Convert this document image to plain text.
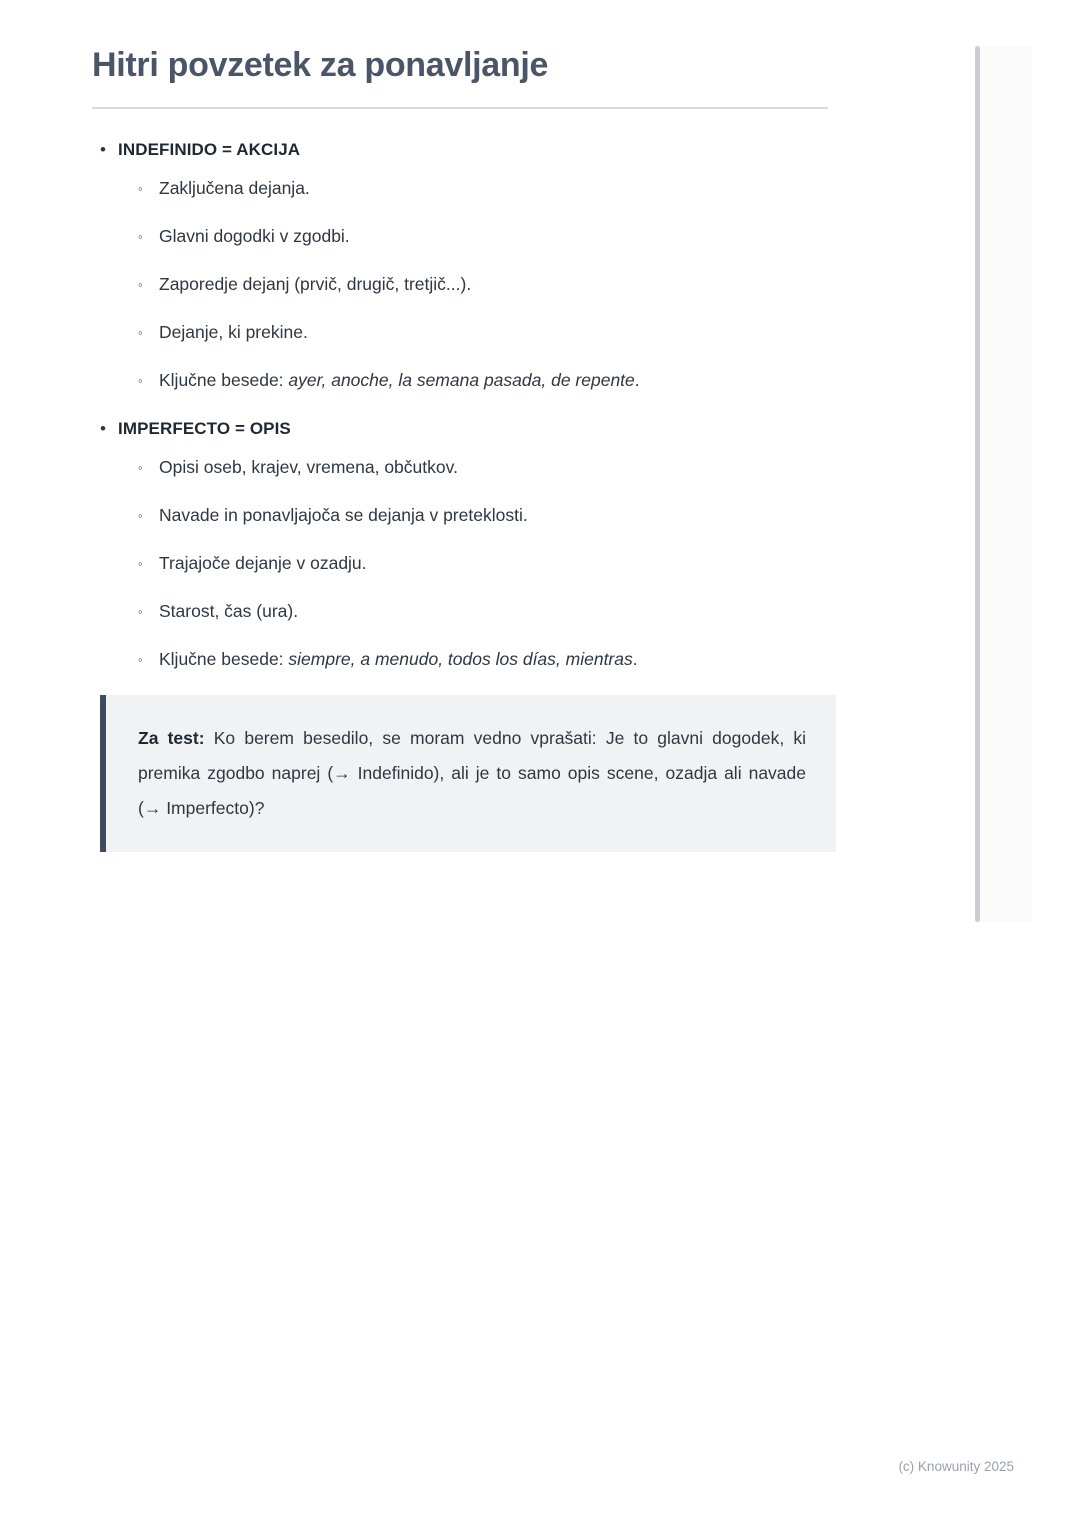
Hitri povzetek za ponavljanje
• INDEFINIDO = AKCIJA
◦ Zaključena dejanja.
◦ Glavni dogodki v zgodbi.
◦ Zaporedje dejanj (prvič, drugič, tretjič...).
◦ Dejanje, ki prekine.
◦ Ključne besede: ayer, anoche, la semana pasada, de repente.
• IMPERFECTO = OPIS
◦ Opisi oseb, krajev, vremena, občutkov.
◦ Navade in ponavljajoča se dejanja v preteklosti.
◦ Trajajoče dejanje v ozadju.
◦ Starost, čas (ura).
◦ Ključne besede: siempre, a menudo, todos los días, mientras.

Za test: Ko berem besedilo, se moram vedno vprašati: Je to glavni dogodek, ki premika zgodbo naprej (→ Indefinido), ali je to samo opis scene, ozadja ali navade (→ Imperfecto)?

(c) Knowunity 2025
